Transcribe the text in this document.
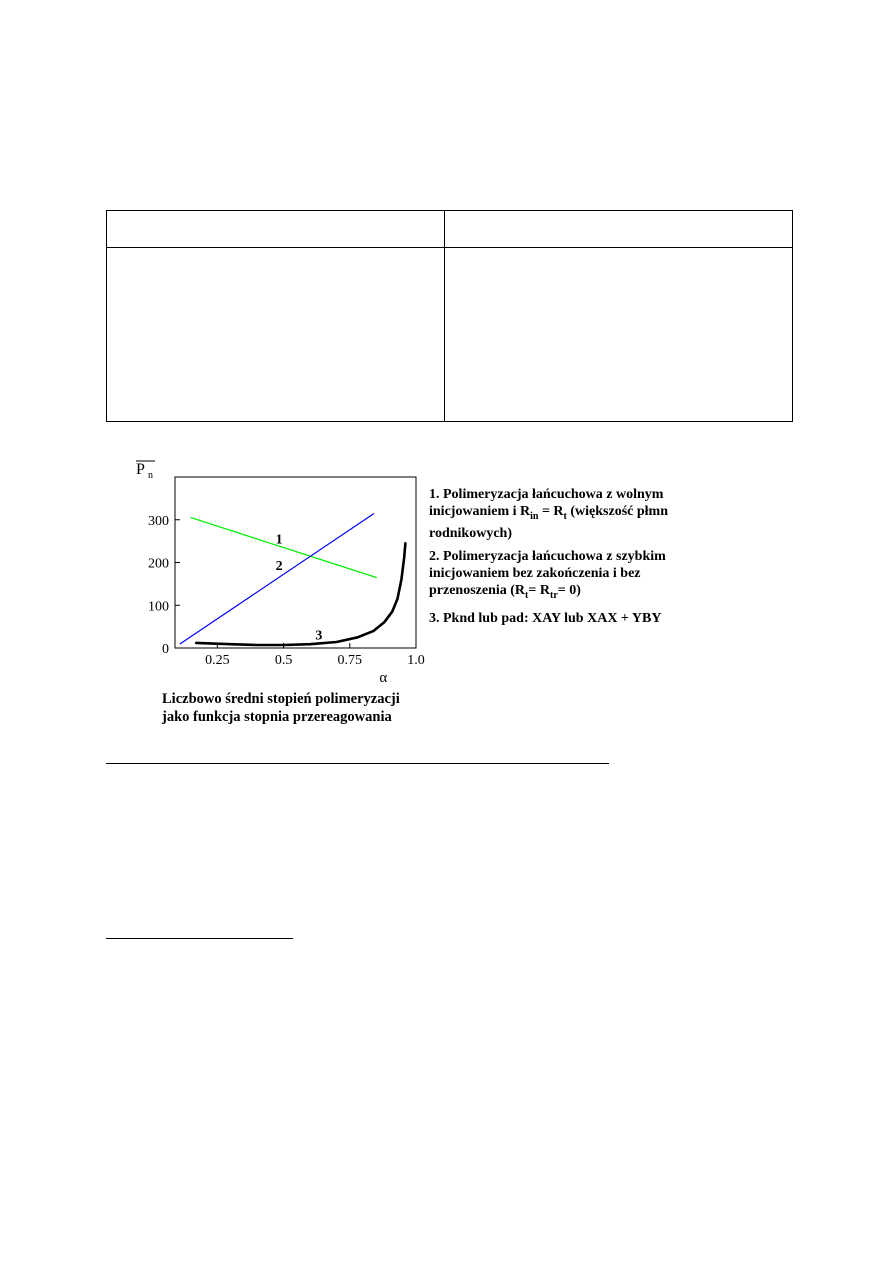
0
100
200
300
0.25	0.5	0.75	1.0
P n
α
1
2
3

1. Polimeryzacja łańcuchowa z wolnym
inicjowaniem i $R_{in} = R_t$ (większość płmn
rodnikowych)

2. Polimeryzacja łańcuchowa z szybkim
inicjowaniem bez zakończenia i bez
przenoszenia $(R_t= R_{tr}= 0)$

3. Pknd lub pad: XAY lub XAX + YBY

Liczbowo średni stopień polimeryzacji
jako funkcja stopnia przereagowania
